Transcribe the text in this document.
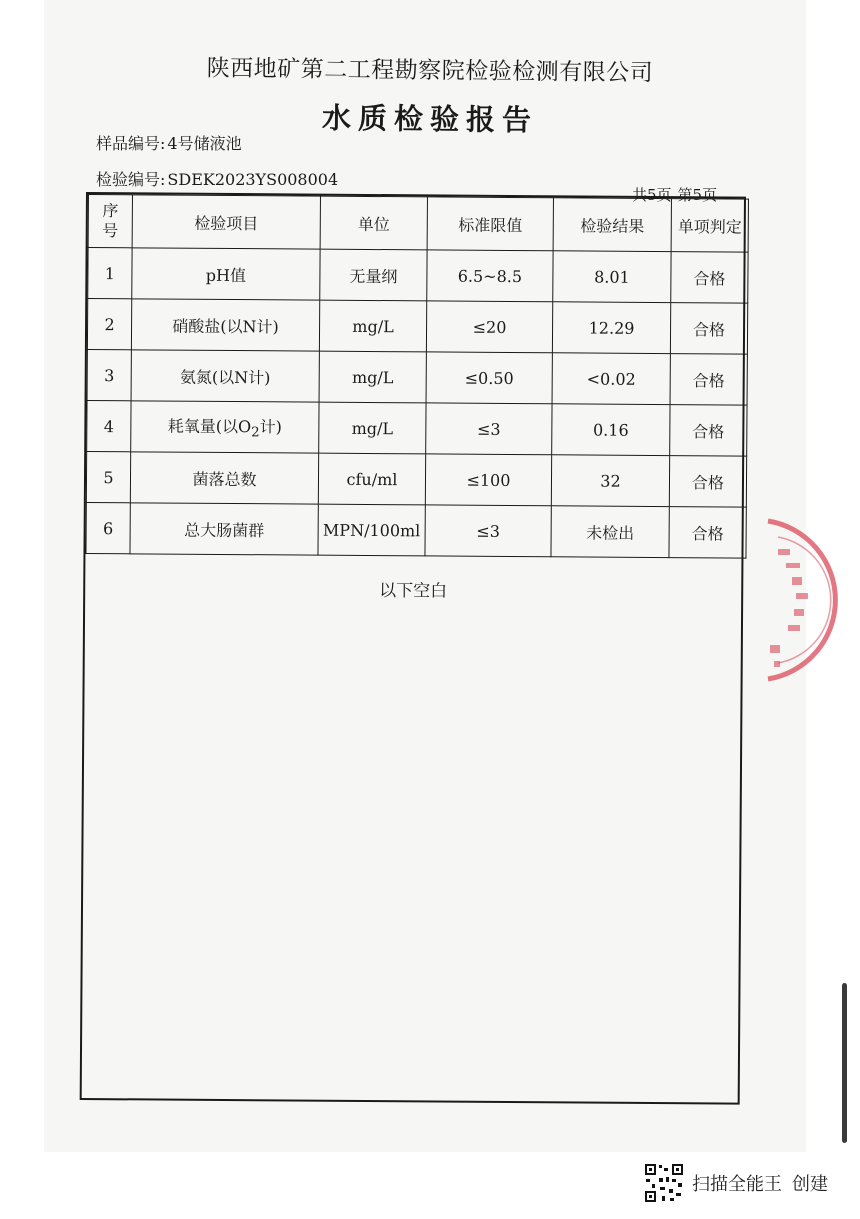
陕西地矿第二工程勘察院检验检测有限公司
水质检验报告
样品编号: 4号储液池
检验编号: SDEK2023YS008004
共5页 第5页
序
号	检验项目	单位	标准限值	检验结果	单项判定
1	pH值	无量纲	6.5~8.5	8.01	合格
2	硝酸盐(以N计)	mg/L	≤20	12.29	合格
3	氨氮(以N计)	mg/L	≤0.50	<0.02	合格
4	耗氧量(以$O_2$计)	mg/L	≤3	0.16	合格
5	菌落总数	cfu/ml	≤100	32	合格
6	总大肠菌群	MPN/100ml	≤3	未检出	合格
以下空白
扫描全能王 创建
